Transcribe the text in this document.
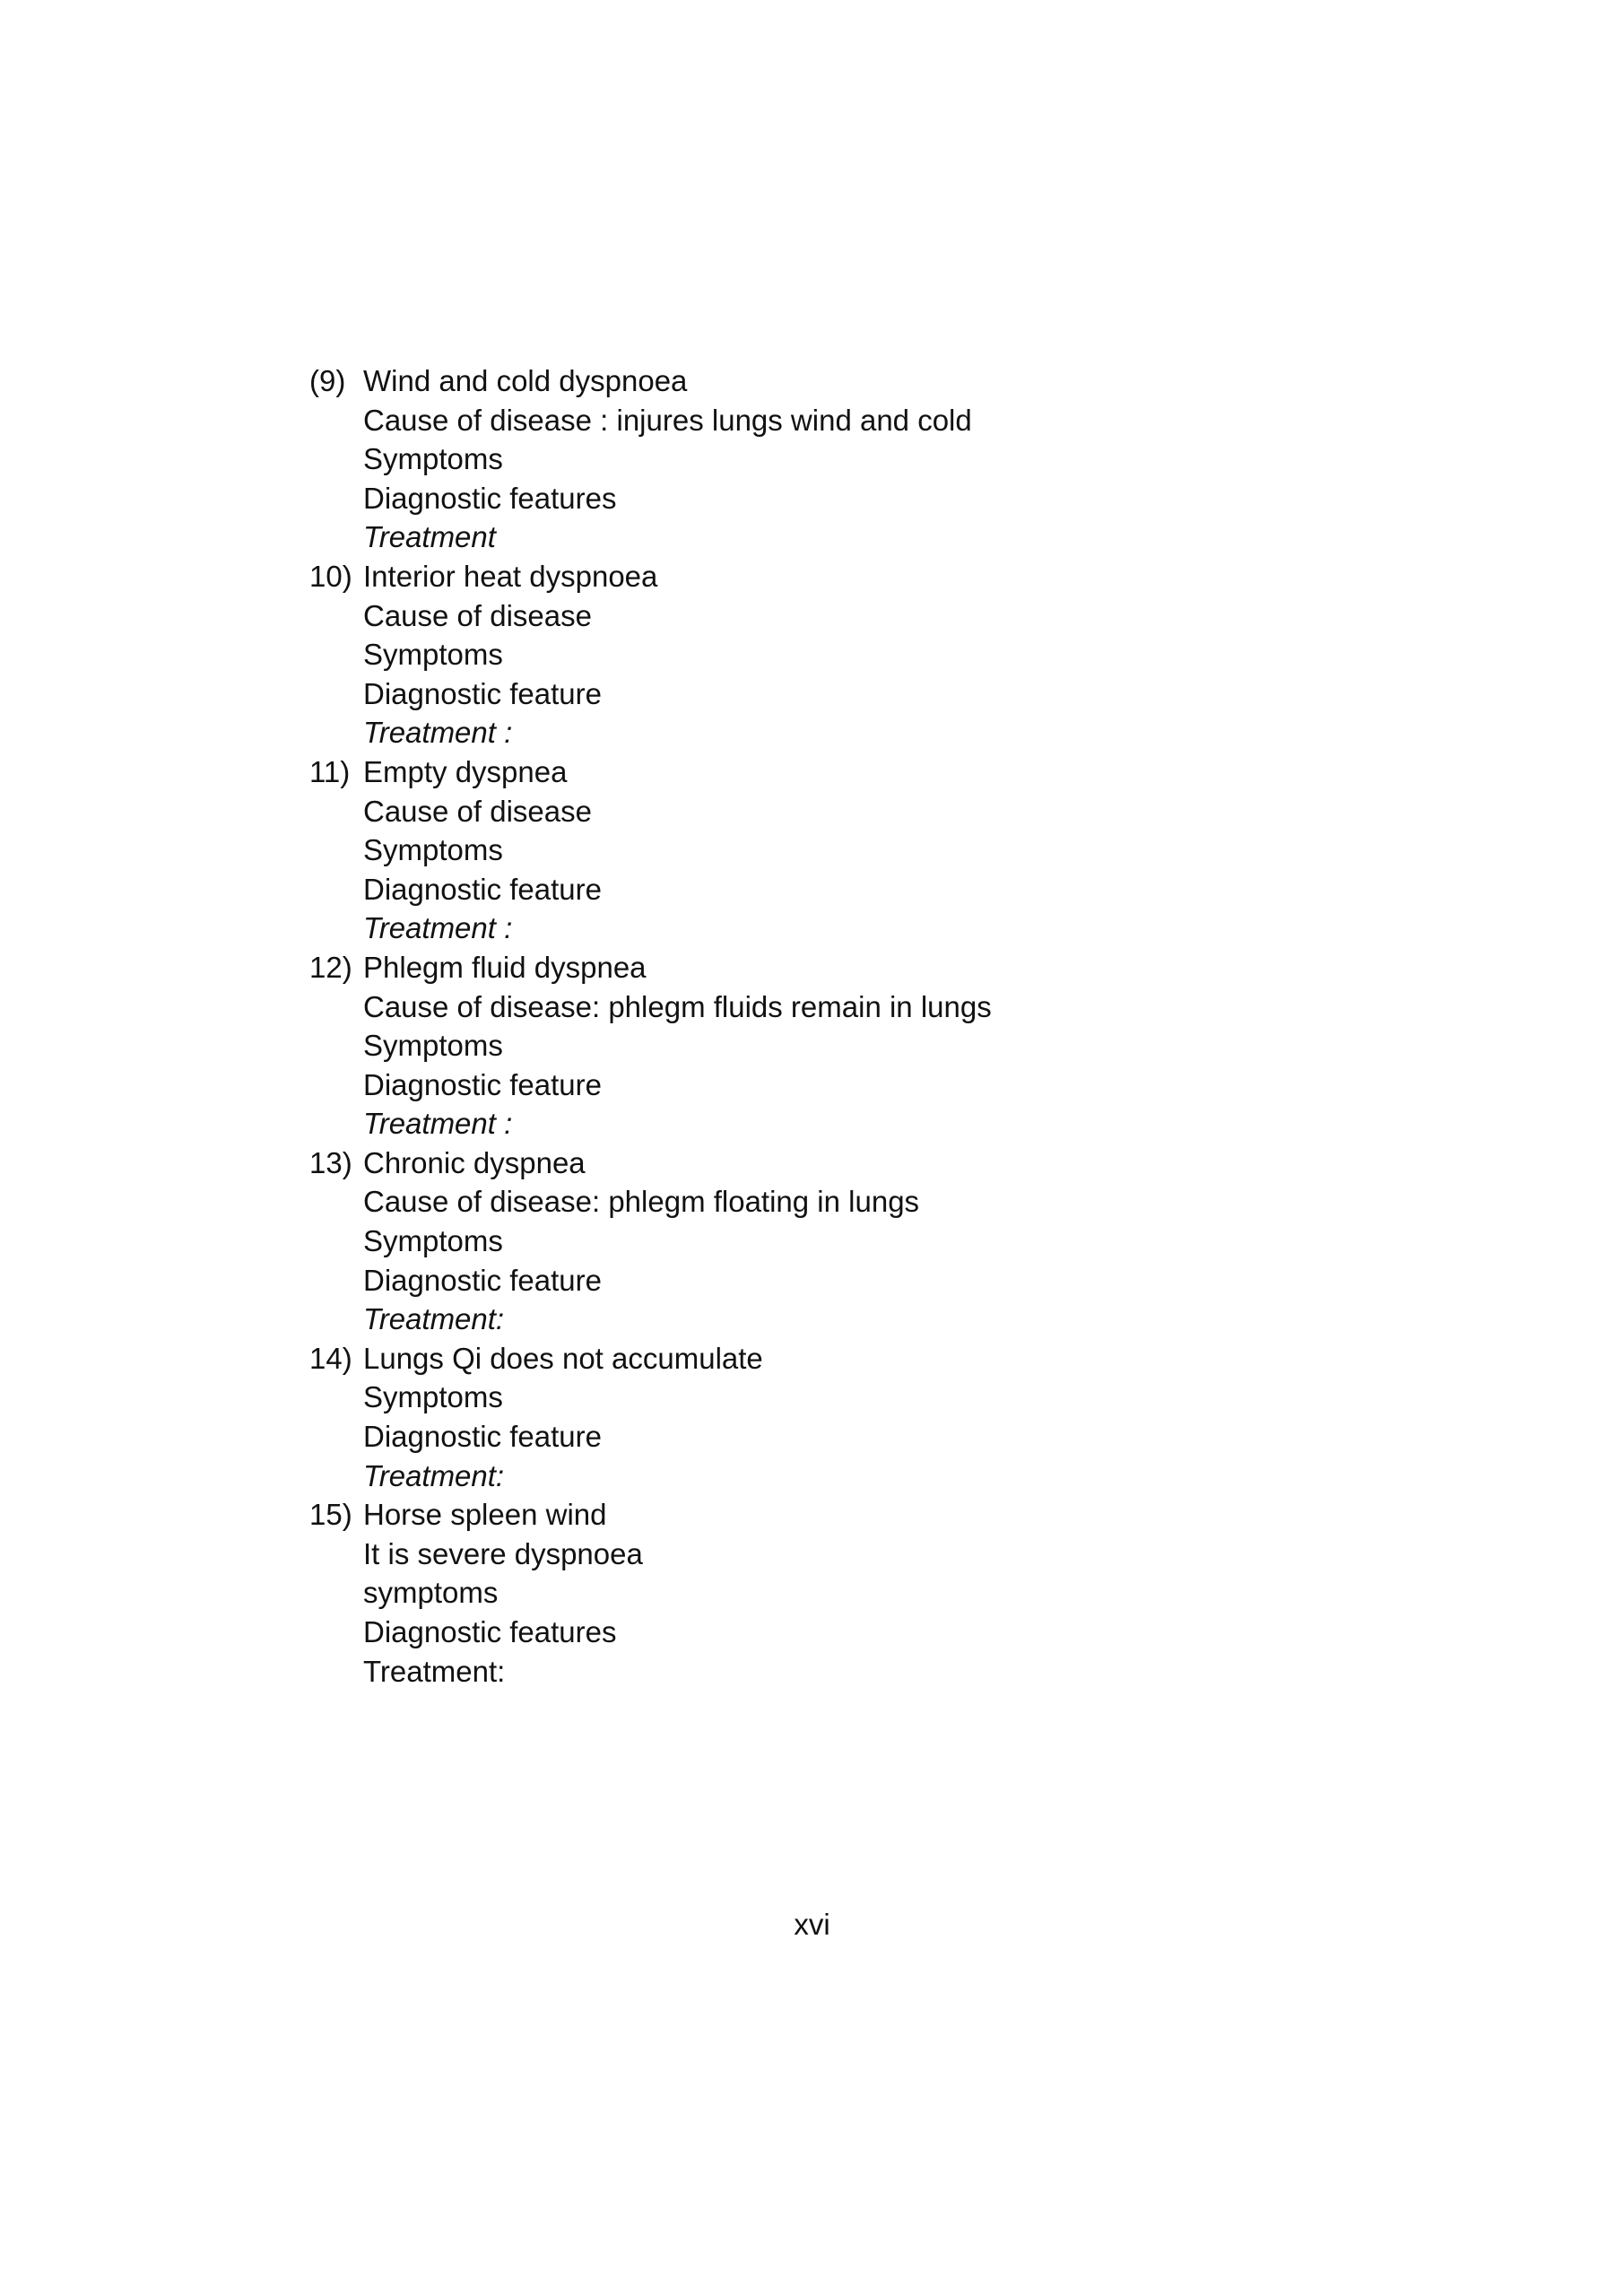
(9) Wind and cold dyspnoea
Cause of disease : injures lungs wind and cold
Symptoms
Diagnostic features
Treatment
10) Interior heat dyspnoea
Cause of disease
Symptoms
Diagnostic feature
Treatment :
11) Empty dyspnea
Cause of disease
Symptoms
Diagnostic feature
Treatment :
12) Phlegm fluid dyspnea
Cause of disease: phlegm fluids remain in lungs
Symptoms
Diagnostic feature
Treatment :
13) Chronic dyspnea
Cause of disease: phlegm floating in lungs
Symptoms
Diagnostic feature
Treatment:
14) Lungs Qi does not accumulate
Symptoms
Diagnostic feature
Treatment:
15) Horse spleen wind
It is severe dyspnoea
symptoms
Diagnostic features
Treatment:
xvi
